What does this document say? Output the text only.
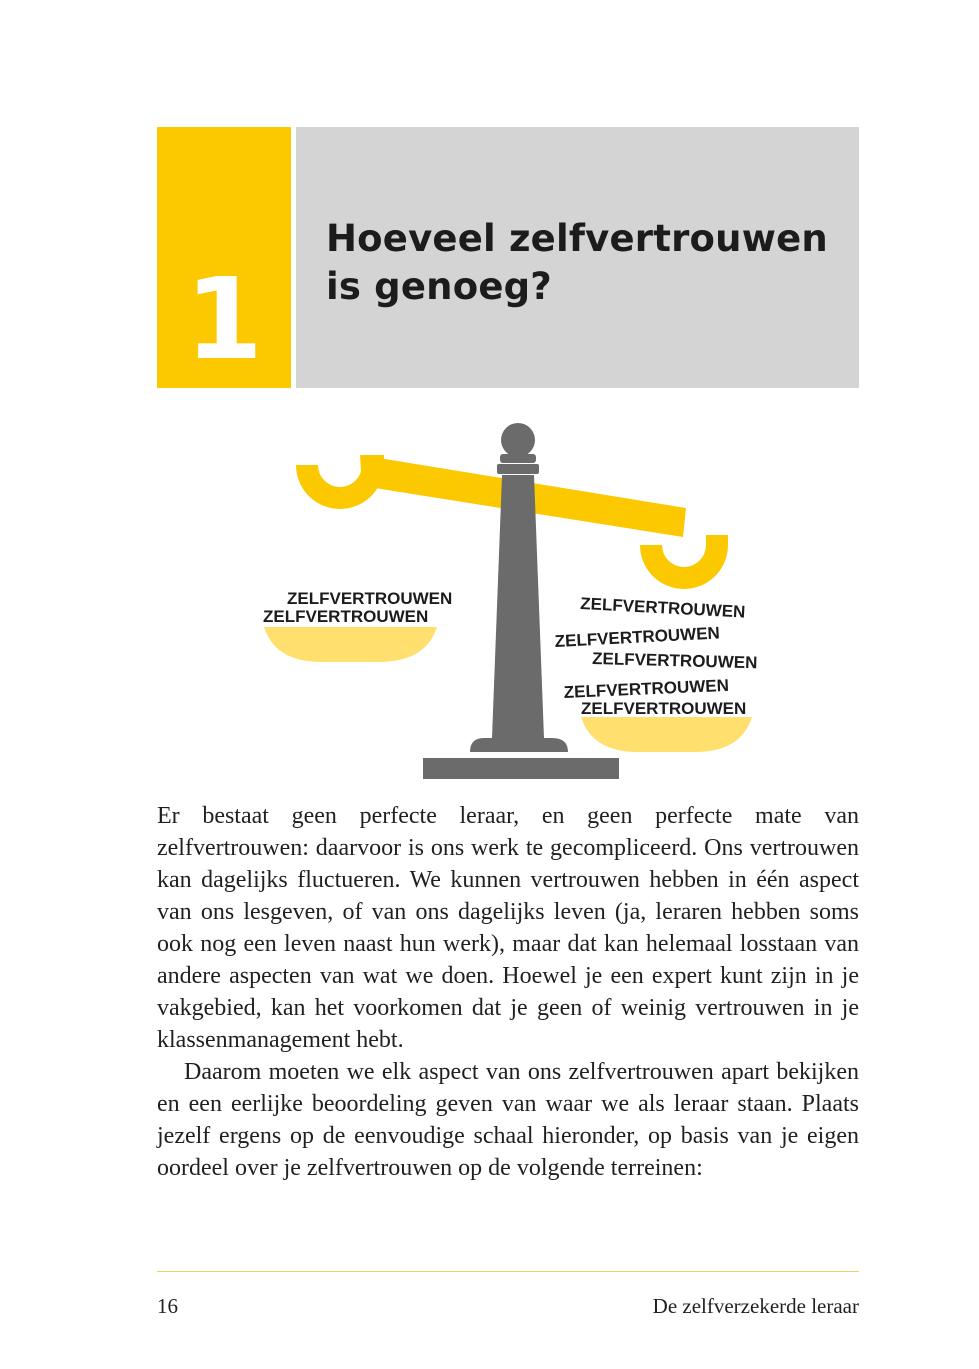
1
Hoeveel zelfvertrouwen
is genoeg?
ZELFVERTROUWEN
ZELFVERTROUWEN	ZELFVERTROUWEN
ZELFVERTROUWEN
ZELFVERTROUWEN
ZELFVERTROUWEN
ZELFVERTROUWEN

Er bestaat geen perfecte leraar, en geen perfecte mate van zelfvertrouwen: daarvoor is ons werk te gecompliceerd. Ons vertrouwen kan dagelijks fluctueren. We kunnen vertrouwen hebben in één aspect van ons lesgeven, of van ons dagelijks leven (ja, leraren hebben soms ook nog een leven naast hun werk), maar dat kan helemaal losstaan van andere aspecten van wat we doen. Hoewel je een expert kunt zijn in je vakgebied, kan het voorkomen dat je geen of weinig vertrouwen in je klassenmanagement hebt.

Daarom moeten we elk aspect van ons zelfvertrouwen apart bekijken en een eerlijke beoordeling geven van waar we als leraar staan. Plaats jezelf ergens op de eenvoudige schaal hieronder, op basis van je eigen oordeel over je zelfvertrouwen op de volgende terreinen:

16	De zelfverzekerde leraar
